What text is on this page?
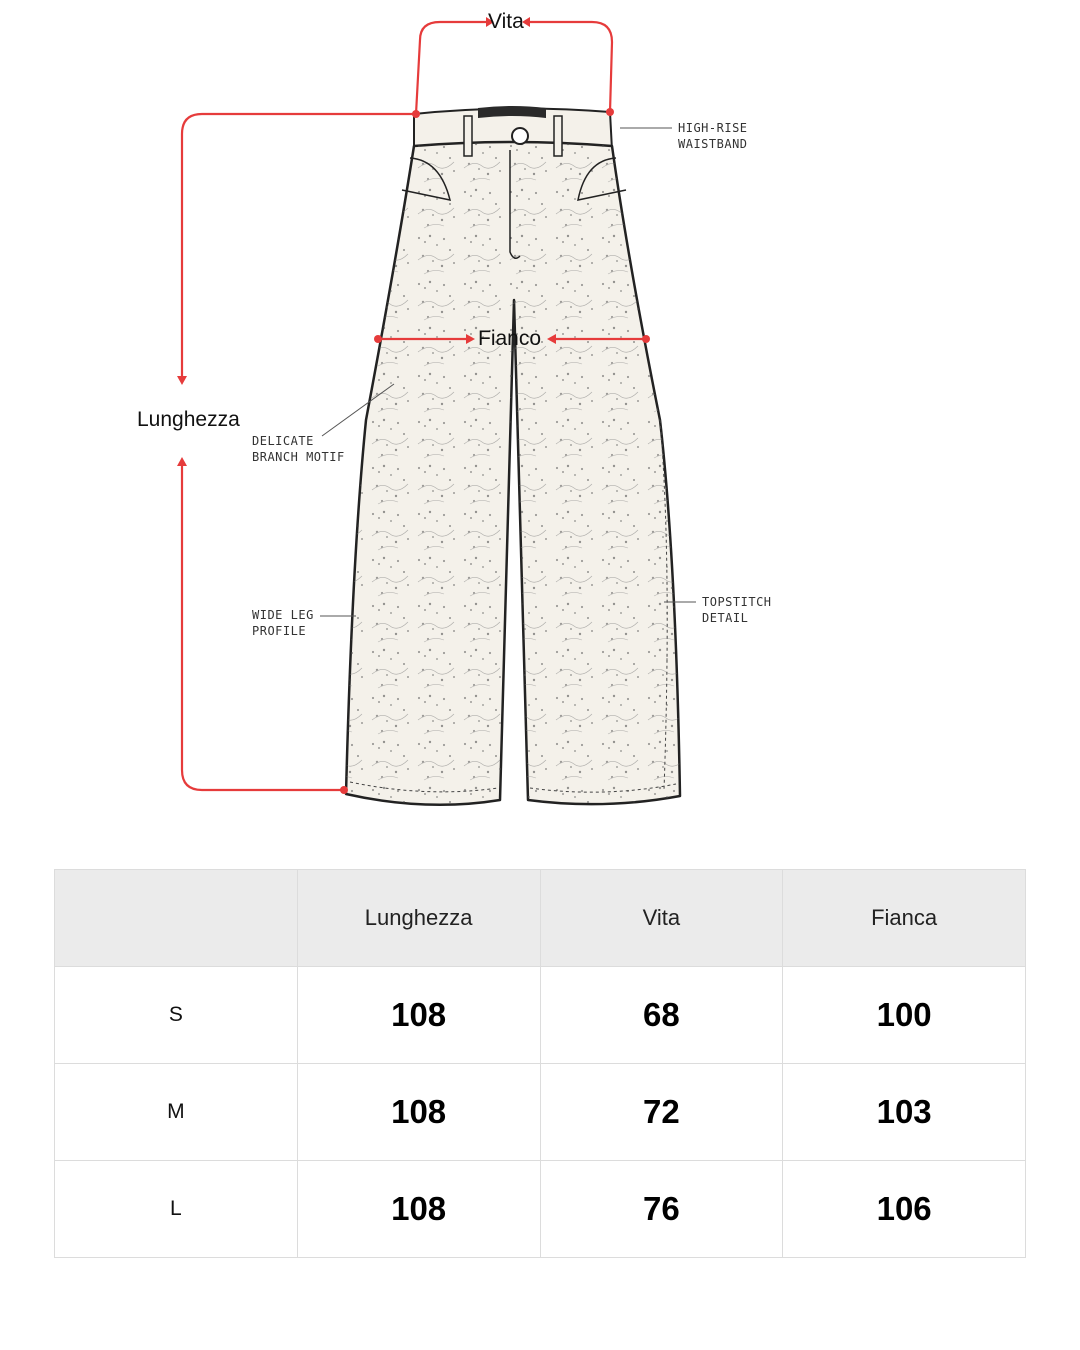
Vita
Lunghezza
Fianco
HIGH-RISE
WAISTBAND
DELICATE
BRANCH MOTIF
WIDE LEG
PROFILE
TOPSTITCH
DETAIL
	Lunghezza	Vita	Fianca
S	108	68	100
M	108	72	103
L	108	76	106
